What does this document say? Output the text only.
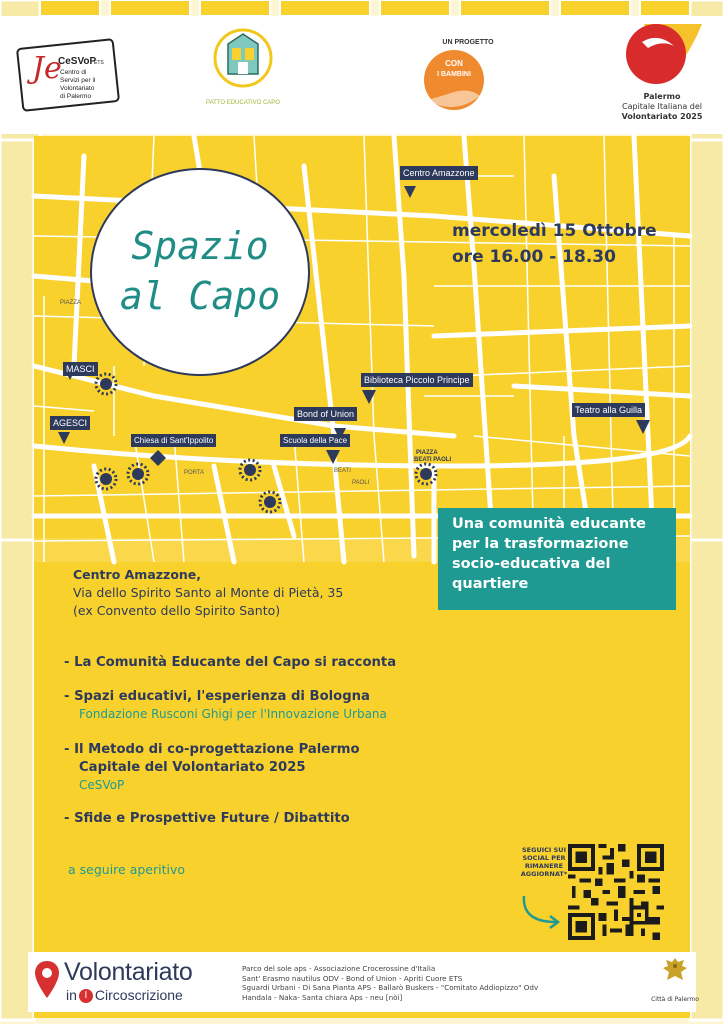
Je
CeSVoP
ETS
Centro di
Servizi per il
Volontariato
di Palermo
PATTO EDUCATIVO CAPO
UN PROGETTO
CON
I BAMBINI
Palermo
Capitale Italiana del
Volontariato 2025
PIAZZA
BEATI PAOLI
PIAZZA
PORTA	BEATI
PAOLI
Centro Amazzone
MASCI
AGESCI
Chiesa di Sant'Ippolito
Bond of Union
Scuola della Pace
Biblioteca Piccolo Principe
Teatro alla Guilla
Spazio
al Capo
mercoledì 15 Ottobre
ore 16.00 - 18.30
Una comunità educante
per la trasformazione
socio-educativa del
quartiere
Centro Amazzone,
Via dello Spirito Santo al Monte di Pietà, 35
(ex Convento dello Spirito Santo)
- La Comunità Educante del Capo si racconta
- Spazi educativi, l'esperienza di Bologna
Fondazione Rusconi Ghigi per l'Innovazione Urbana
- Il Metodo di co-progettazione Palermo
Capitale del Volontariato 2025
CeSVoP
- Sfide e Prospettive Future / Dibattito
a seguire aperitivo
SEGUICI SUI
SOCIAL PER
RIMANERE
AGGIORNAT*
Volontariato
in I Circoscrizione
Parco del sole aps - Associazione Crocerossine d'Italia
Sant' Erasmo nautilus ODV - Bond of Union - Apriti Cuore ETS
Sguardi Urbani - Di Sana Pianta APS - Ballarò Buskers - "Comitato Addiopizzo" Odv
Handala - Naka- Santa chiara Aps - neu [nòi]	Città di Palermo
